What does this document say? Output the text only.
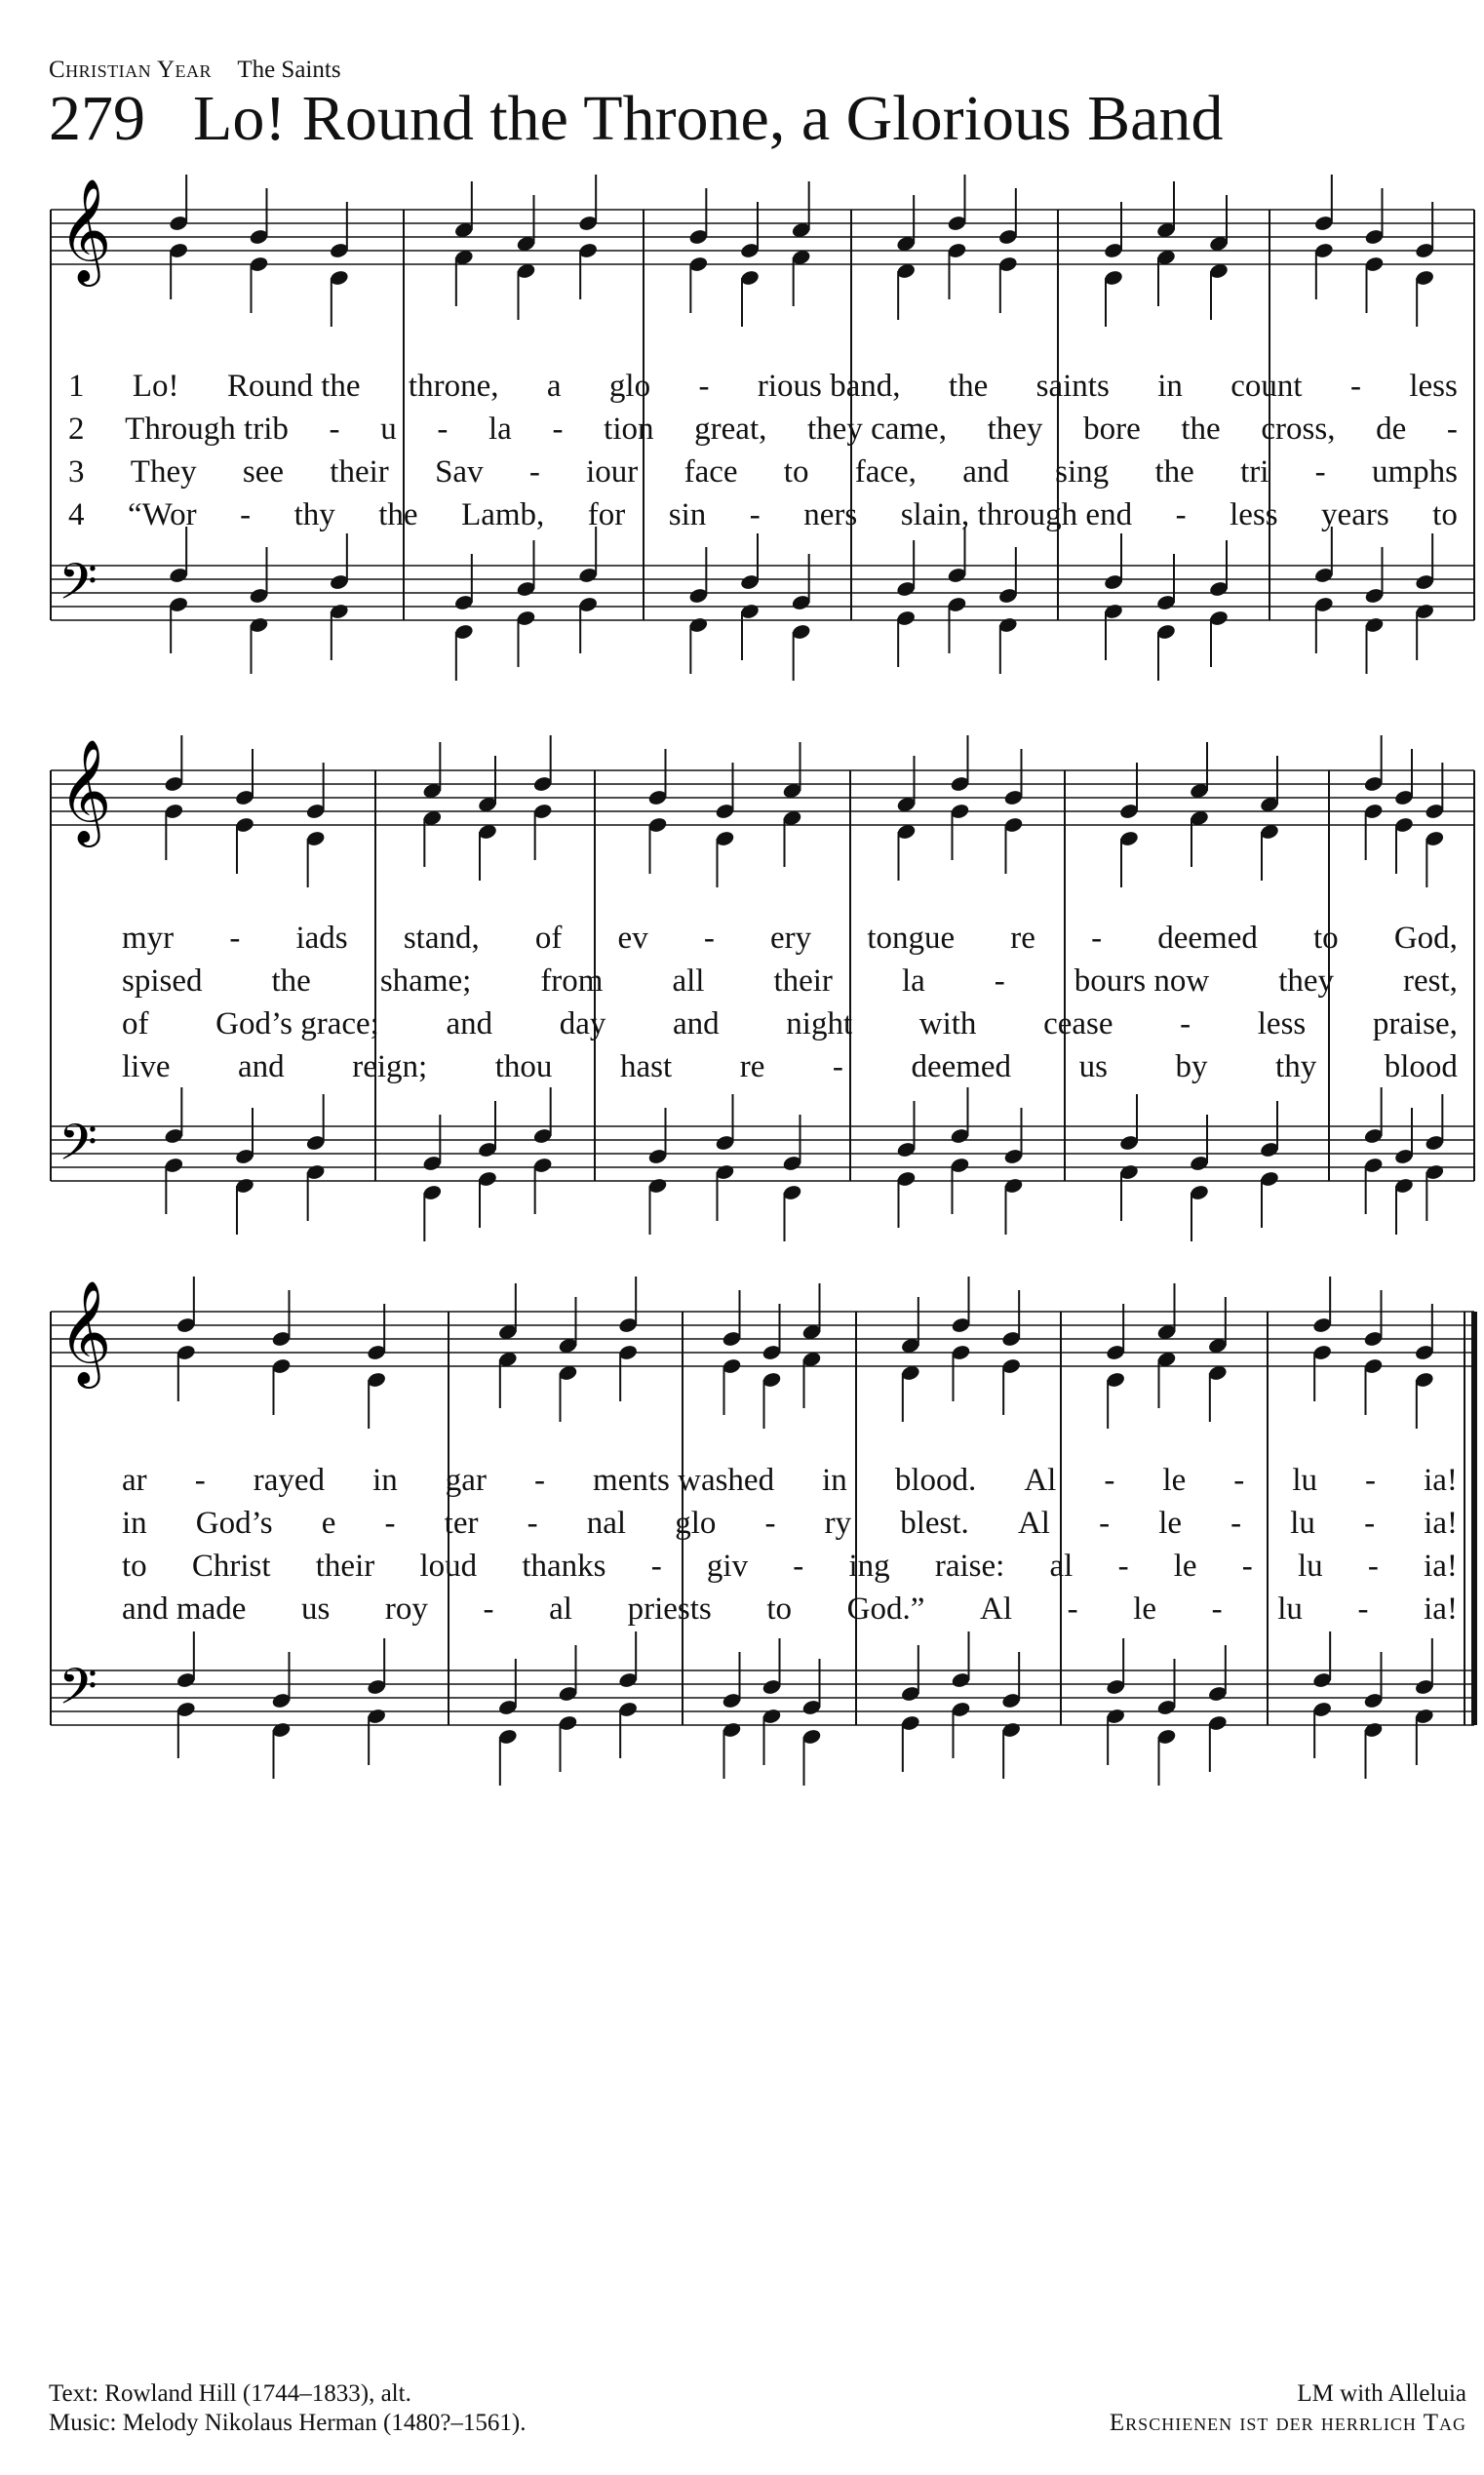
Christian Year The Saints
279 Lo! Round the Throne, a Glorious Band
𝄞
𝄢
𝄞
𝄢
𝄞
𝄢
1 Lo! Round the throne, a glo - rious band, the saints in count - less
2 Through trib - u - la - tion great, they came, they bore the cross, de -
3 They see their Sav - iour face to face, and sing the tri - umphs
4 “Wor - thy the Lamb, for sin - ners slain, through end - less years to
myr - iads stand, of ev - ery tongue re - deemed to God,
spised the shame; from all their la - bours now they rest,
of God’s grace; and day and night with cease - less praise,
live and reign; thou hast re - deemed us by thy blood
ar - rayed in gar - ments washed in blood. Al - le - lu - ia!
in God’s e - ter - nal glo - ry blest. Al - le - lu - ia!
to Christ their loud thanks - giv - ing raise: al - le - lu - ia!
and made us roy - al priests to God.” Al - le - lu - ia!
Text: Rowland Hill (1744–1833), alt.
Music: Melody Nikolaus Herman (1480?–1561).
LM with Alleluia
Erschienen ist der herrlich Tag
